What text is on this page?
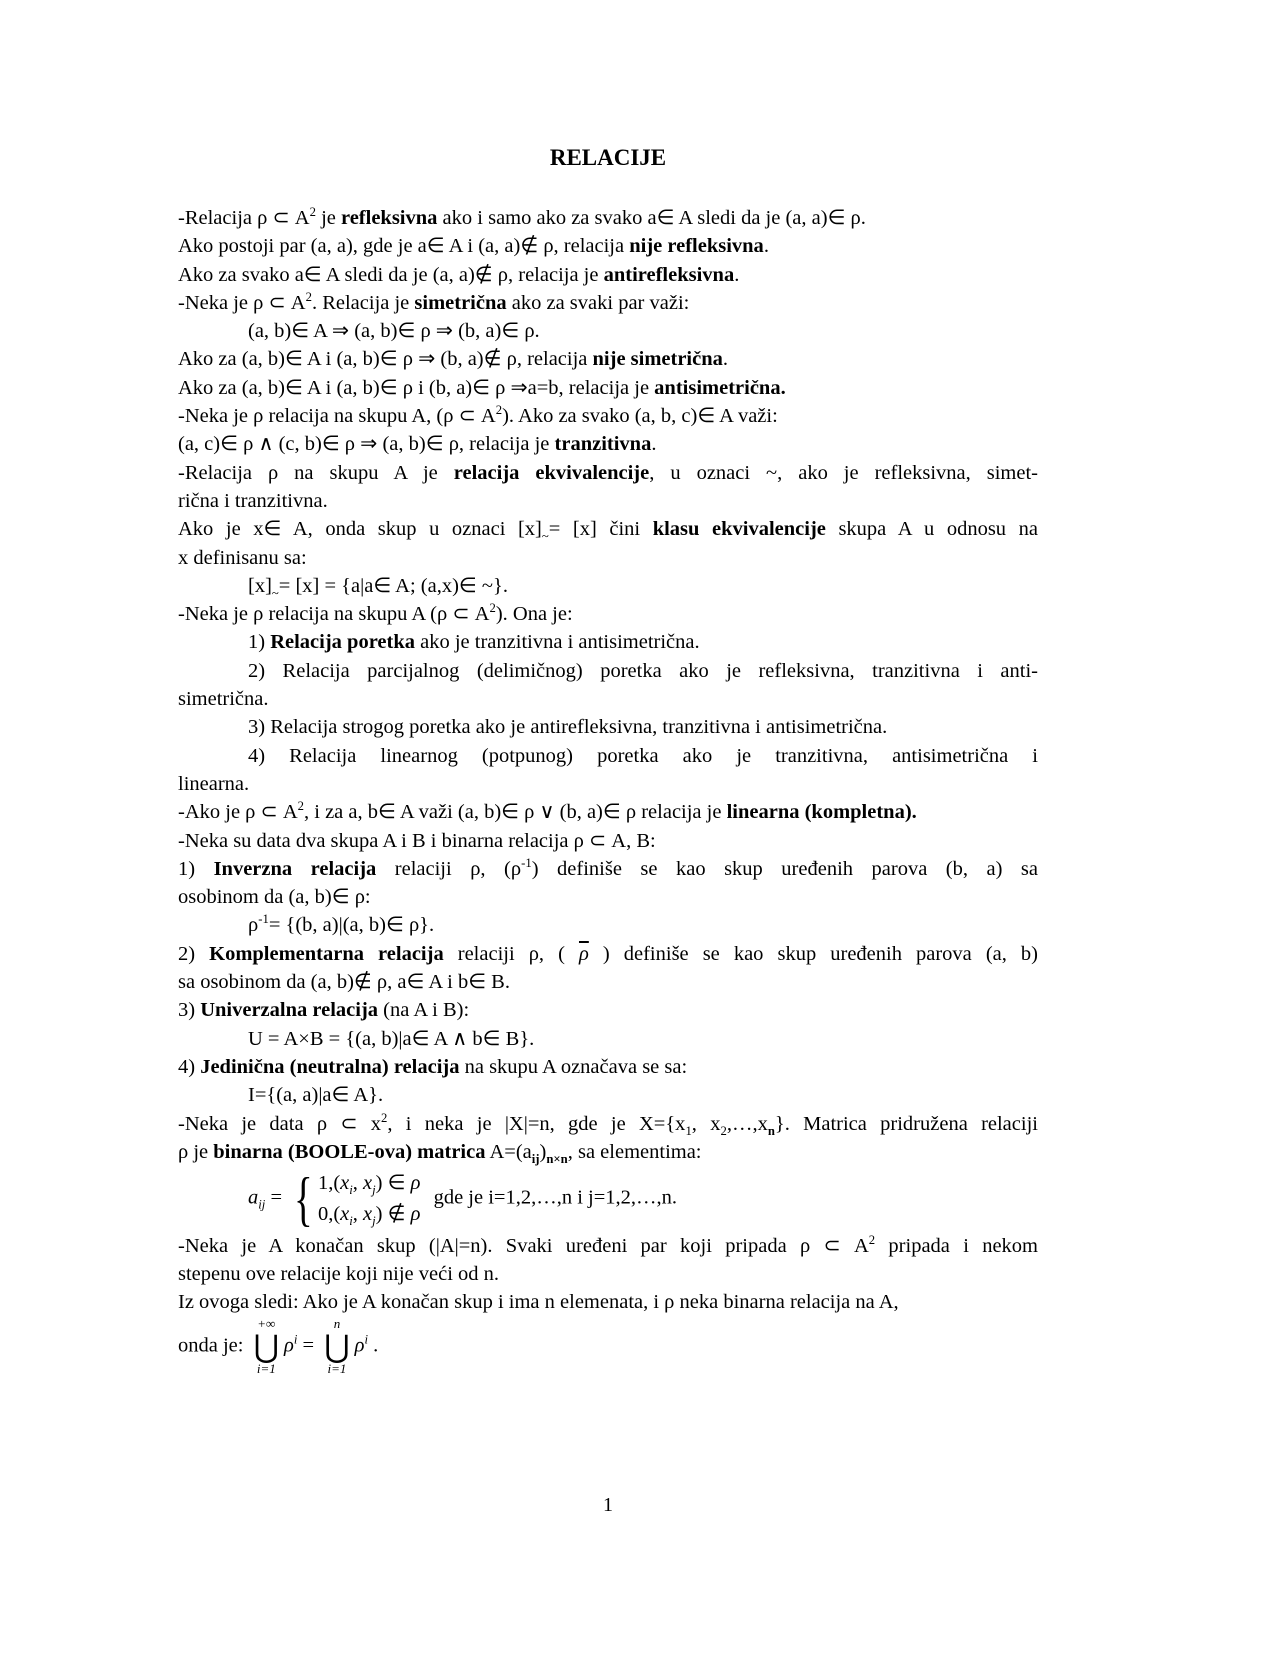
RELACIJE
-Relacija ρ ⊂ $A^2$ je refleksivna ako i samo ako za svako a∈ A sledi da je (a, a)∈ ρ.
Ako postoji par (a, a), gde je a∈ A i (a, a)∉ ρ, relacija nije refleksivna.
Ako za svako a∈ A sledi da je (a, a)∉ ρ, relacija je antirefleksivna.
-Neka je ρ ⊂ $A^2$. Relacija je simetrična ako za svaki par važi:
(a, b)∈ A ⇒ (a, b)∈ ρ ⇒ (b, a)∈ ρ.
Ako za (a, b)∈ A i (a, b)∈ ρ ⇒ (b, a)∉ ρ, relacija nije simetrična.
Ako za (a, b)∈ A i (a, b)∈ ρ i (b, a)∈ ρ ⇒a=b, relacija je antisimetrična.
-Neka je ρ relacija na skupu A, (ρ ⊂ $A^2$). Ako za svako (a, b, c)∈ A važi:
(a, c)∈ ρ ∧ (c, b)∈ ρ ⇒ (a, b)∈ ρ, relacija je tranzitivna.
-Relacija ρ na skupu A je relacija ekvivalencije, u oznaci ~, ako je refleksivna, simet-
rična i tranzitivna.
Ako je x∈ A, onda skup u oznaci $[x]_\sim= [x]$ čini klasu ekvivalencije skupa A u odnosu na
x definisanu sa:
$[x]_\sim= [x]$ = {a|a∈ A; (a,x)∈ ~}.
-Neka je ρ relacija na skupu A (ρ ⊂ $A^2$). Ona je:
1) Relacija poretka ako je tranzitivna i antisimetrična.
2) Relacija parcijalnog (delimičnog) poretka ako je refleksivna, tranzitivna i anti-
simetrična.
3) Relacija strogog poretka ako je antirefleksivna, tranzitivna i antisimetrična.
4) Relacija linearnog (potpunog) poretka ako je tranzitivna, antisimetrična i
linearna.
-Ako je ρ ⊂ $A^2$, i za a, b∈ A važi (a, b)∈ ρ ∨ (b, a)∈ ρ relacija je linearna (kompletna).
-Neka su data dva skupa A i B i binarna relacija ρ ⊂ A, B:
1) Inverzna relacija relaciji ρ, $(\rho^{-1})$ definiše se kao skup uređenih parova (b, a) sa
osobinom da (a, b)∈ ρ:
$\rho^{-1}= \{(b$, a)|(a, b)∈ ρ}.
2) Komplementarna relacija relaciji ρ, ( $\overline{\rho}$ ) definiše se kao skup uređenih parova (a, b)
sa osobinom da (a, b)∉ ρ, a∈ A i b∈ B.
3) Univerzalna relacija (na A i B):
U = A×B = {(a, b)|a∈ A ∧ b∈ B}.
4) Jedinična (neutralna) relacija na skupu A označava se sa:
I={(a, a)|a∈ A}.
-Neka je data ρ ⊂ $x^2$, i neka je |X|=n, gde je $X=\{x_1$, $x_2,\dots,x_n$}. Matrica pridružena relaciji
ρ je binarna (BOOLE-ova) matrica $A=(a_{ij})_{n\times n}$, sa elementima:
$a_{ij}$ = { $1,(x_i$, $x_j$) ∈ ρ
$0,(x_i$, $x_j$) ∉ ρ
gde je i=1,2,…,n i j=1,2,…,n.
-Neka je A konačan skup (|A|=n). Svaki uređeni par koji pripada ρ ⊂ $A^2$ pripada i nekom
stepenu ove relacije koji nije veći od n.
Iz ovoga sledi: Ako je A konačan skup i ima n elemenata, i ρ neka binarna relacija na A,
onda je:
+∞
⋃
i=1
$\rho^i$ =
n
⋃
i=1
$\rho^i$ .
1
